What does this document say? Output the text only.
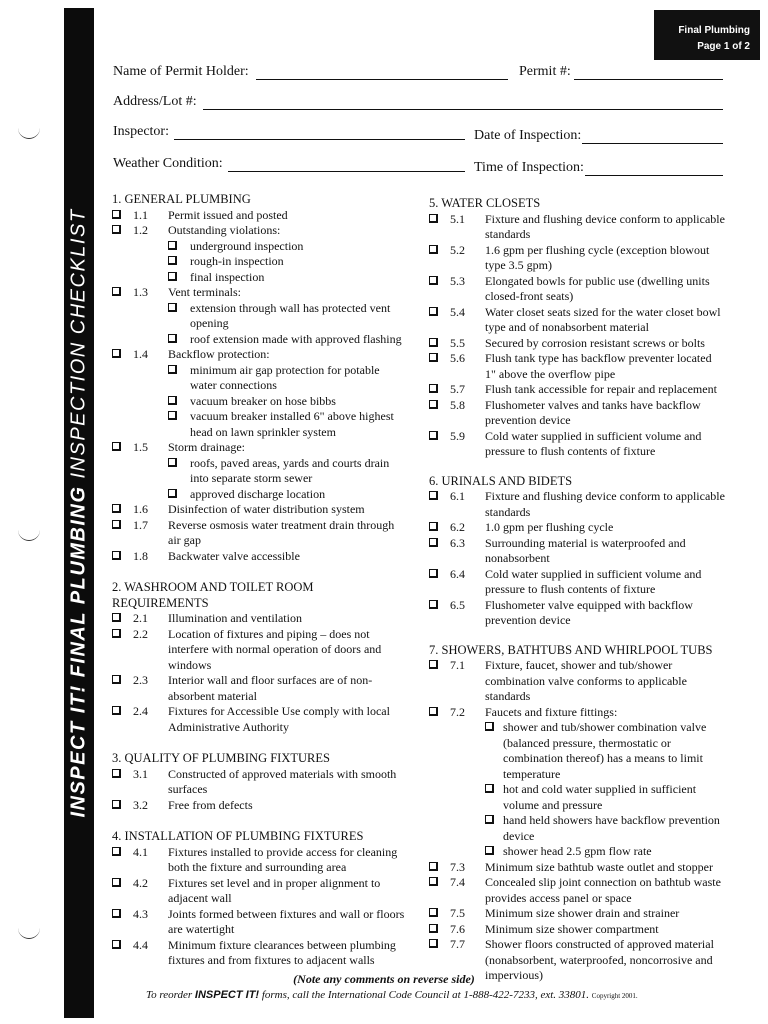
INSPECT IT! FINAL PLUMBING INSPECTION CHECKLIST
Final Plumbing
Page 1 of 2
Name of Permit Holder:	Permit #:
Address/Lot #:
Inspector:	Date of Inspection:
Weather Condition:	Time of Inspection:
1. GENERAL PLUMBING
1.1 Permit issued and posted
1.2 Outstanding violations:
underground inspection
rough-in inspection
final inspection
1.3 Vent terminals:
extension through wall has protected vent opening
roof extension made with approved flashing
1.4 Backflow protection:
minimum air gap protection for potable water connections
vacuum breaker on hose bibbs
vacuum breaker installed 6" above highest head on lawn sprinkler system
1.5 Storm drainage:
roofs, paved areas, yards and courts drain into separate storm sewer
approved discharge location
1.6 Disinfection of water distribution system
1.7 Reverse osmosis water treatment drain through air gap
1.8 Backwater valve accessible
2. WASHROOM AND TOILET ROOM REQUIREMENTS
2.1 Illumination and ventilation
2.2 Location of fixtures and piping – does not interfere with normal operation of doors and windows
2.3 Interior wall and floor surfaces are of non-absorbent material
2.4 Fixtures for Accessible Use comply with local Administrative Authority
3. QUALITY OF PLUMBING FIXTURES
3.1 Constructed of approved materials with smooth surfaces
3.2 Free from defects
4. INSTALLATION OF PLUMBING FIXTURES
4.1 Fixtures installed to provide access for cleaning both the fixture and surrounding area
4.2 Fixtures set level and in proper alignment to adjacent wall
4.3 Joints formed between fixtures and wall or floors are watertight
4.4 Minimum fixture clearances between plumbing fixtures and from fixtures to adjacent walls
5. WATER CLOSETS
5.1 Fixture and flushing device conform to applicable standards
5.2 1.6 gpm per flushing cycle (exception blowout type 3.5 gpm)
5.3 Elongated bowls for public use (dwelling units closed-front seats)
5.4 Water closet seats sized for the water closet bowl type and of nonabsorbent material
5.5 Secured by corrosion resistant screws or bolts
5.6 Flush tank type has backflow preventer located 1" above the overflow pipe
5.7 Flush tank accessible for repair and replacement
5.8 Flushometer valves and tanks have backflow prevention device
5.9 Cold water supplied in sufficient volume and pressure to flush contents of fixture
6. URINALS AND BIDETS
6.1 Fixture and flushing device conform to applicable standards
6.2 1.0 gpm per flushing cycle
6.3 Surrounding material is waterproofed and nonabsorbent
6.4 Cold water supplied in sufficient volume and pressure to flush contents of fixture
6.5 Flushometer valve equipped with backflow prevention device
7. SHOWERS, BATHTUBS AND WHIRLPOOL TUBS
7.1 Fixture, faucet, shower and tub/shower combination valve conforms to applicable standards
7.2 Faucets and fixture fittings:
shower and tub/shower combination valve (balanced pressure, thermostatic or combination thereof) has a means to limit temperature
hot and cold water supplied in sufficient volume and pressure
hand held showers have backflow prevention device
shower head 2.5 gpm flow rate
7.3 Minimum size bathtub waste outlet and stopper
7.4 Concealed slip joint connection on bathtub waste provides access panel or space
7.5 Minimum size shower drain and strainer
7.6 Minimum size shower compartment
7.7 Shower floors constructed of approved material (nonabsorbent, waterproofed, noncorrosive and impervious)
(Note any comments on reverse side)
To reorder INSPECT IT! forms, call the International Code Council at 1-888-422-7233, ext. 33801. Copyright 2001.
